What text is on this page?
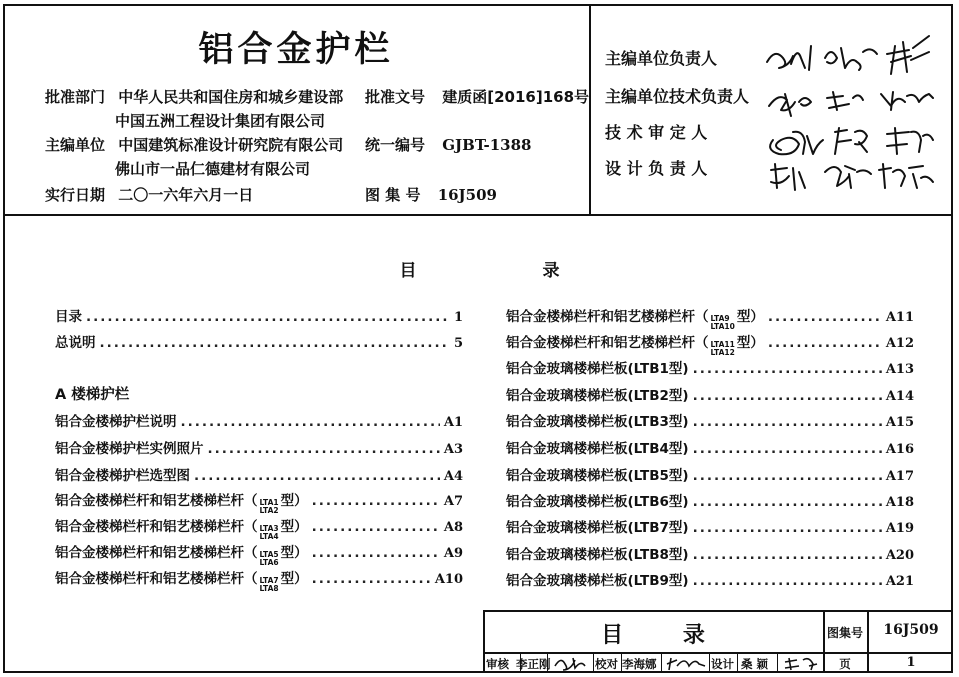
铝合金护栏
批准部门 中华人民共和国住房和城乡建设部 批准文号 建质函[2016]168号
中国五洲工程设计集团有限公司
主编单位 中国建筑标准设计研究院有限公司 统一编号 GJBT-1388
佛山市一品仁德建材有限公司
实行日期 二〇一六年六月一日	图 集 号 16J509
主编单位负责人
主编单位技术负责人
技 术 审 定 人
设 计 负 责 人
目 录
目录 .....	1
总说明 .....	5
A 楼梯护栏
铝合金楼梯护栏说明 .....	A1
铝合金楼梯护栏实例照片 .....	A3
铝合金楼梯护栏选型图 .....	A4
铝合金楼梯栏杆和铝艺楼梯栏杆（ LTA1
LTA2
型） .....	A7
铝合金楼梯栏杆和铝艺楼梯栏杆（ LTA3
LTA4
型） .....	A8
铝合金楼梯栏杆和铝艺楼梯栏杆（ LTA5
LTA6
型） .....	A9
铝合金楼梯栏杆和铝艺楼梯栏杆（ LTA7
LTA8
型） .....	A10
铝合金楼梯栏杆和铝艺楼梯栏杆（ LTA9
LTA10
型） .....	A11
铝合金楼梯栏杆和铝艺楼梯栏杆（ LTA11
LTA12
型） .....	A12
铝合金玻璃楼梯栏板(LTB1型) .....	A13
铝合金玻璃楼梯栏板(LTB2型) .....	A14
铝合金玻璃楼梯栏板(LTB3型) .....	A15
铝合金玻璃楼梯栏板(LTB4型) .....	A16
铝合金玻璃楼梯栏板(LTB5型) .....	A17
铝合金玻璃楼梯栏板(LTB6型) .....	A18
铝合金玻璃楼梯栏板(LTB7型) .....	A19
铝合金玻璃楼梯栏板(LTB8型) .....	A20
铝合金玻璃楼梯栏板(LTB9型) .....	A21
目 录	图集号	16J509
审核 李正刚	校对 李海娜	设计 桑 颖	页	1
